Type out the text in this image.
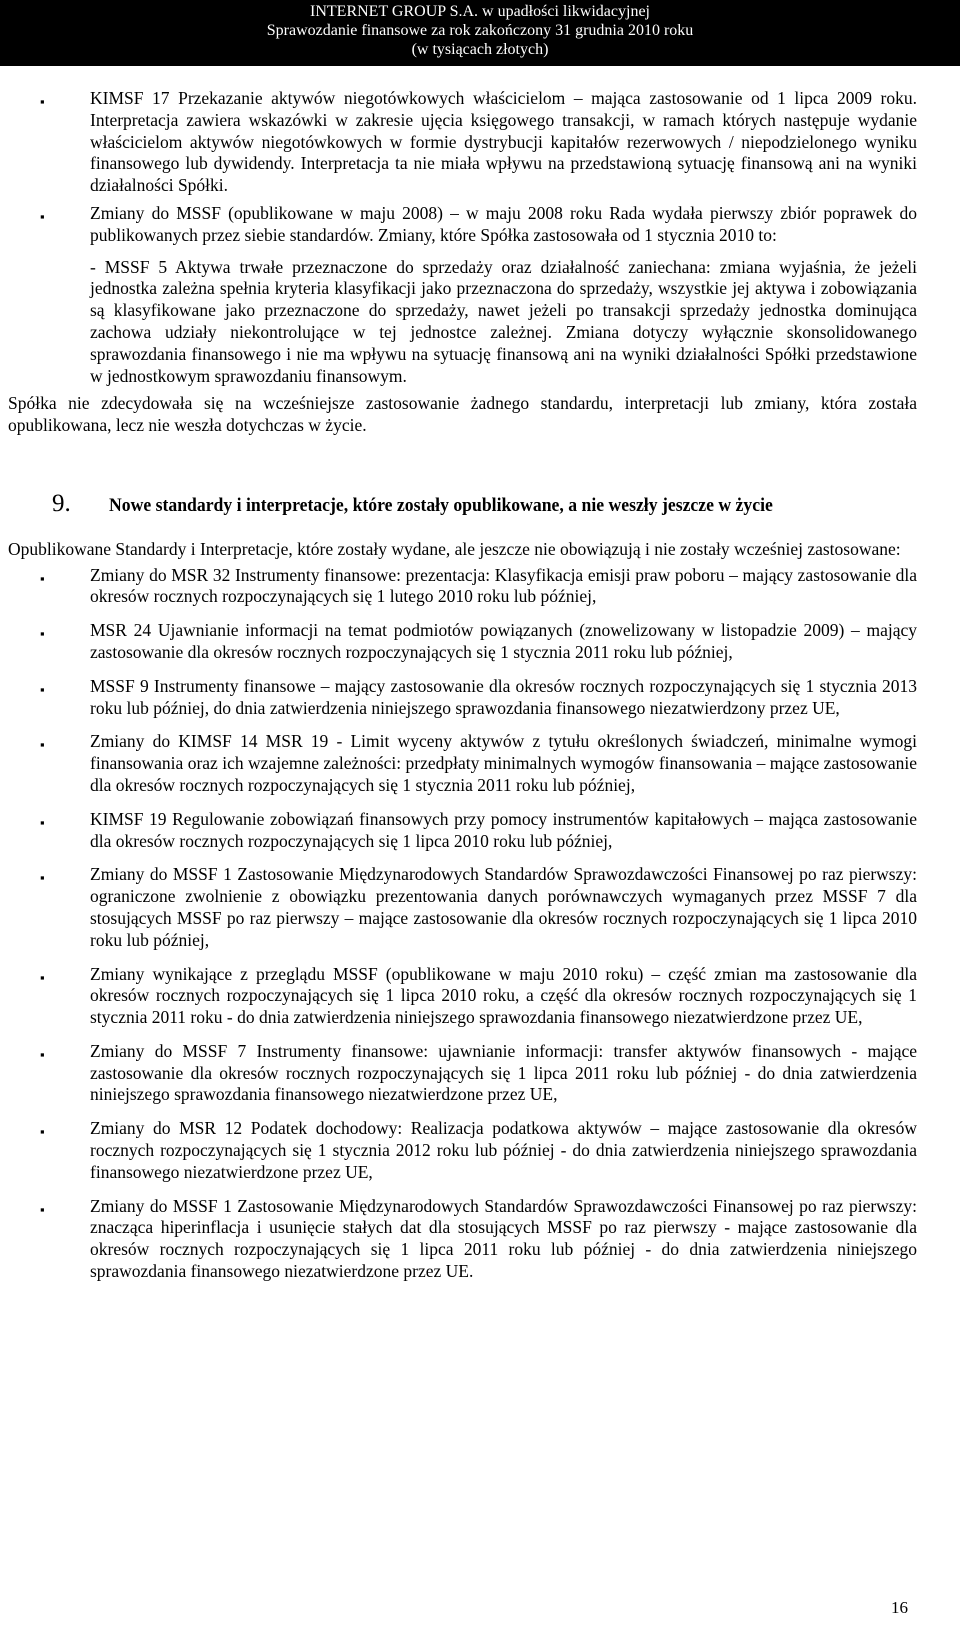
INTERNET GROUP S.A. w upadłości likwidacyjnej
Sprawozdanie finansowe za rok zakończony 31 grudnia 2010 roku
(w tysiącach złotych)
▪	KIMSF 17 Przekazanie aktywów niegotówkowych właścicielom – mająca zastosowanie od 1 lipca 2009 roku. Interpretacja zawiera wskazówki w zakresie ujęcia księgowego transakcji, w ramach których następuje wydanie właścicielom aktywów niegotówkowych w formie dystrybucji kapitałów rezerwowych / niepodzielonego wyniku finansowego lub dywidendy. Interpretacja ta nie miała wpływu na przedstawioną sytuację finansową ani na wyniki działalności Spółki.
▪	Zmiany do MSSF (opublikowane w maju 2008) – w maju 2008 roku Rada wydała pierwszy zbiór poprawek do publikowanych przez siebie standardów. Zmiany, które Spółka zastosowała od 1 stycznia 2010 to:
- MSSF 5 Aktywa trwałe przeznaczone do sprzedaży oraz działalność zaniechana: zmiana wyjaśnia, że jeżeli jednostka zależna spełnia kryteria klasyfikacji jako przeznaczona do sprzedaży, wszystkie jej aktywa i zobowiązania są klasyfikowane jako przeznaczone do sprzedaży, nawet jeżeli po transakcji sprzedaży jednostka dominująca zachowa udziały niekontrolujące w tej jednostce zależnej. Zmiana dotyczy wyłącznie skonsolidowanego sprawozdania finansowego i nie ma wpływu na sytuację finansową ani na wyniki działalności Spółki przedstawione w jednostkowym sprawozdaniu finansowym.

Spółka nie zdecydowała się na wcześniejsze zastosowanie żadnego standardu, interpretacji lub zmiany, która została opublikowana, lecz nie weszła dotychczas w życie.

9. Nowe standardy i interpretacje, które zostały opublikowane, a nie weszły jeszcze w życie

Opublikowane Standardy i Interpretacje, które zostały wydane, ale jeszcze nie obowiązują i nie zostały wcześniej zastosowane:

▪	Zmiany do MSR 32 Instrumenty finansowe: prezentacja: Klasyfikacja emisji praw poboru – mający zastosowanie dla okresów rocznych rozpoczynających się 1 lutego 2010 roku lub później,
▪	MSR 24 Ujawnianie informacji na temat podmiotów powiązanych (znowelizowany w listopadzie 2009) – mający zastosowanie dla okresów rocznych rozpoczynających się 1 stycznia 2011 roku lub później,
▪	MSSF 9 Instrumenty finansowe – mający zastosowanie dla okresów rocznych rozpoczynających się 1 stycznia 2013 roku lub później, do dnia zatwierdzenia niniejszego sprawozdania finansowego niezatwierdzony przez UE,
▪	Zmiany do KIMSF 14 MSR 19 - Limit wyceny aktywów z tytułu określonych świadczeń, minimalne wymogi finansowania oraz ich wzajemne zależności: przedpłaty minimalnych wymogów finansowania – mające zastosowanie dla okresów rocznych rozpoczynających się 1 stycznia 2011 roku lub później,
▪	KIMSF 19 Regulowanie zobowiązań finansowych przy pomocy instrumentów kapitałowych – mająca zastosowanie dla okresów rocznych rozpoczynających się 1 lipca 2010 roku lub później,
▪	Zmiany do MSSF 1 Zastosowanie Międzynarodowych Standardów Sprawozdawczości Finansowej po raz pierwszy: ograniczone zwolnienie z obowiązku prezentowania danych porównawczych wymaganych przez MSSF 7 dla stosujących MSSF po raz pierwszy – mające zastosowanie dla okresów rocznych rozpoczynających się 1 lipca 2010 roku lub później,
▪	Zmiany wynikające z przeglądu MSSF (opublikowane w maju 2010 roku) – część zmian ma zastosowanie dla okresów rocznych rozpoczynających się 1 lipca 2010 roku, a część dla okresów rocznych rozpoczynających się 1 stycznia 2011 roku - do dnia zatwierdzenia niniejszego sprawozdania finansowego niezatwierdzone przez UE,
▪	Zmiany do MSSF 7 Instrumenty finansowe: ujawnianie informacji: transfer aktywów finansowych - mające zastosowanie dla okresów rocznych rozpoczynających się 1 lipca 2011 roku lub później - do dnia zatwierdzenia niniejszego sprawozdania finansowego niezatwierdzone przez UE,
▪	Zmiany do MSR 12 Podatek dochodowy: Realizacja podatkowa aktywów – mające zastosowanie dla okresów rocznych rozpoczynających się 1 stycznia 2012 roku lub później - do dnia zatwierdzenia niniejszego sprawozdania finansowego niezatwierdzone przez UE,
▪	Zmiany do MSSF 1 Zastosowanie Międzynarodowych Standardów Sprawozdawczości Finansowej po raz pierwszy: znacząca hiperinflacja i usunięcie stałych dat dla stosujących MSSF po raz pierwszy - mające zastosowanie dla okresów rocznych rozpoczynających się 1 lipca 2011 roku lub później - do dnia zatwierdzenia niniejszego sprawozdania finansowego niezatwierdzone przez UE.
16
